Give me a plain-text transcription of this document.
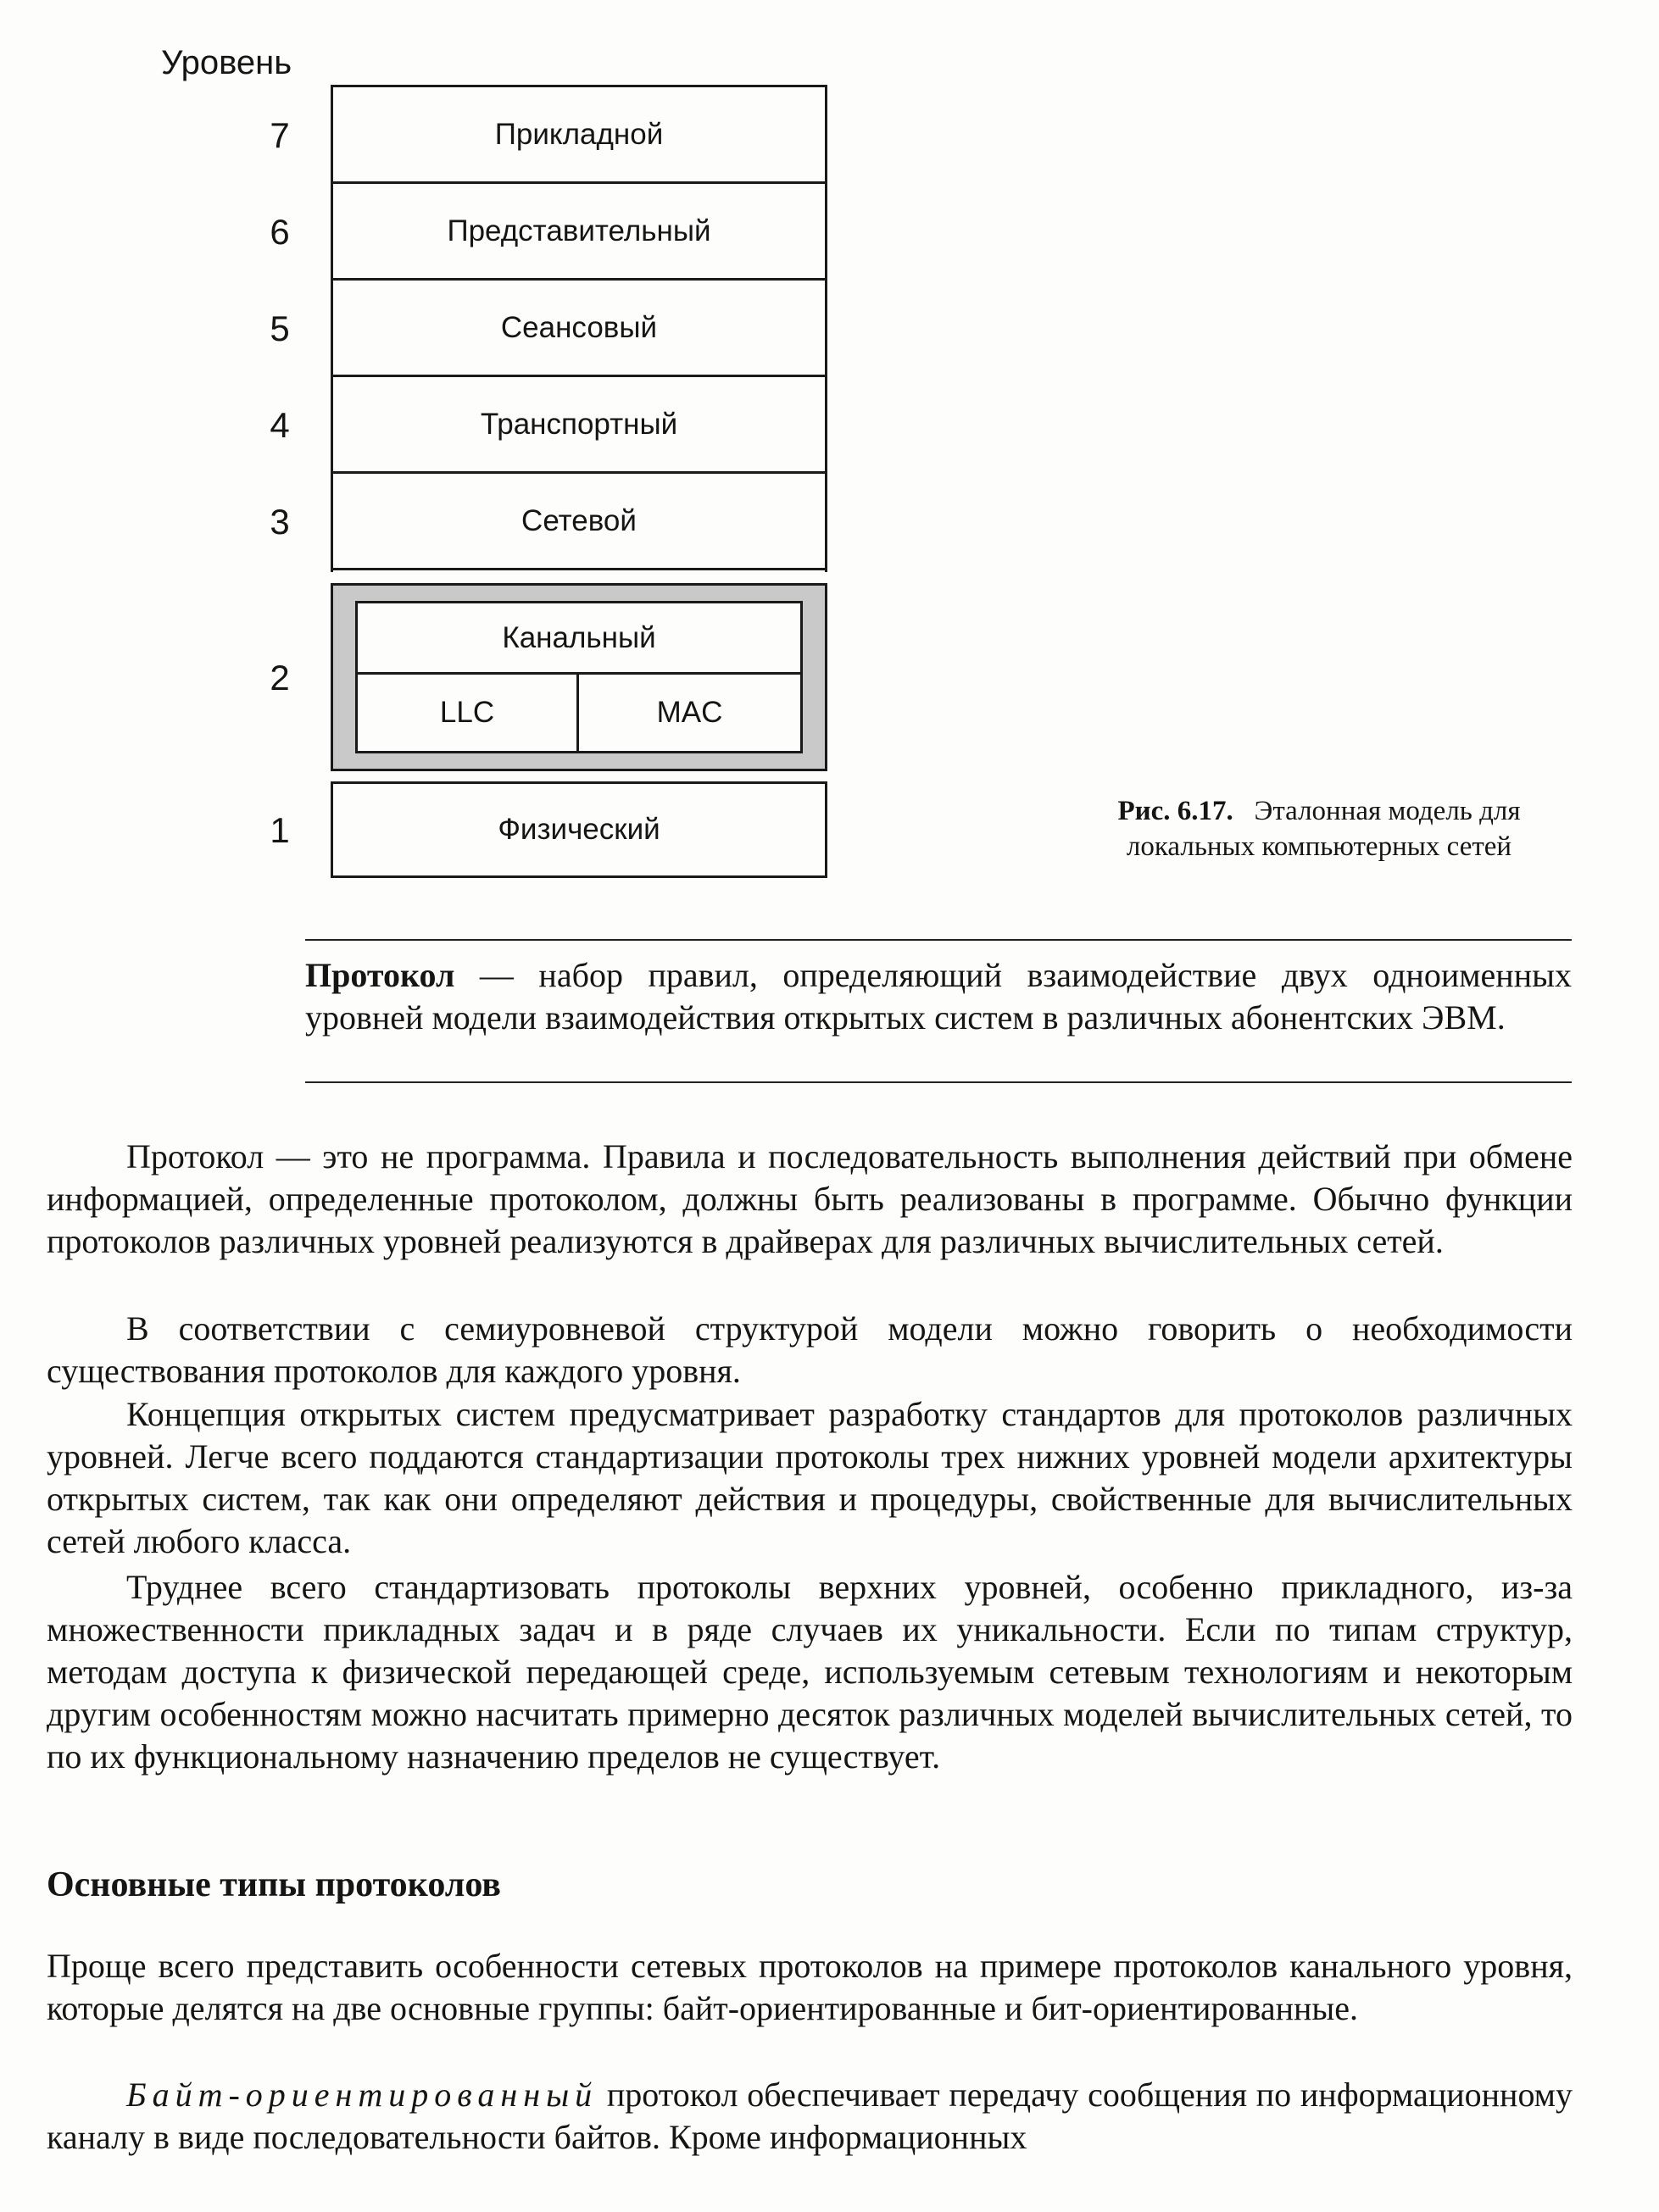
Уровень
7
6
5
4
3
2
1
Прикладной
Представительный
Сеансовый
Транспортный
Сетевой
Канальный
LLC	MAC
Физический
Рис. 6.17. Эталонная модель для
локальных компьютерных сетей
Протокол — набор правил, определяющий взаимодействие двух одноименных уровней модели взаимодействия открытых систем в различных абонентских ЭВМ.
Протокол — это не программа. Правила и последовательность выполнения действий при обмене информацией, определенные протоколом, должны быть реализованы в программе. Обычно функции протоколов различных уровней реализуются в драйверах для различных вычислительных сетей.
В соответствии с семиуровневой структурой модели можно говорить о необходимости существования протоколов для каждого уровня.
Концепция открытых систем предусматривает разработку стандартов для протоколов различных уровней. Легче всего поддаются стандартизации протоколы трех нижних уровней модели архитектуры открытых систем, так как они определяют действия и процедуры, свойственные для вычислительных сетей любого класса.
Труднее всего стандартизовать протоколы верхних уровней, особенно прикладного, из-за множественности прикладных задач и в ряде случаев их уникальности. Если по типам структур, методам доступа к физической передающей среде, используемым сетевым технологиям и некоторым другим особенностям можно насчитать примерно десяток различных моделей вычислительных сетей, то по их функциональному назначению пределов не существует.
Основные типы протоколов
Проще всего представить особенности сетевых протоколов на примере протоколов канального уровня, которые делятся на две основные группы: байт-ориентированные и бит-ориентированные.
Байт-ориентированный протокол обеспечивает передачу сообщения по информационному каналу в виде последовательности байтов. Кроме информационных
